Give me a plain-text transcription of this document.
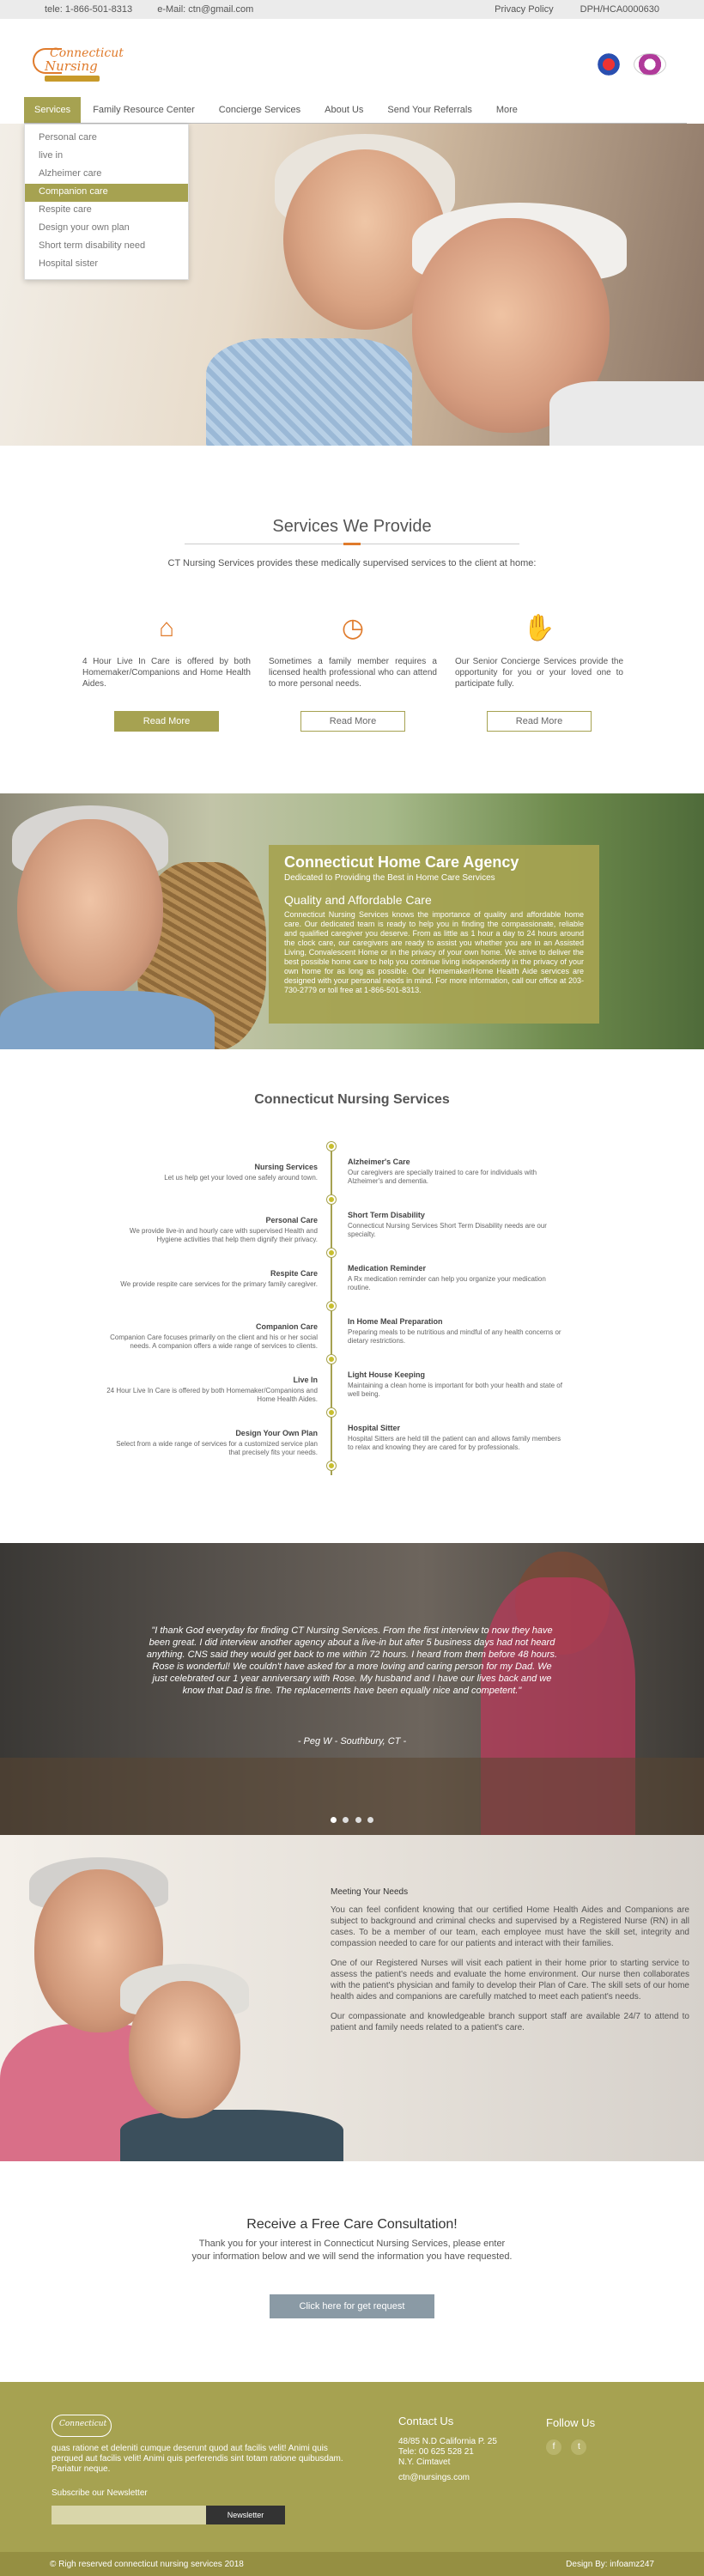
tele: 1-866-501-8313	e-Mail: ctn@gmail.com	Privacy Policy	DPH/HCA0000630
Connecticut
Nursing
Services	Family Resource Center	Concierge Services	About Us	Send Your Referrals	More
Personal care
live in
Alzheimer care
Companion care
Respite care
Design your own plan
Short term disability need
Hospital sister
Services We Provide
CT Nursing Services provides these medically supervised services to the client at home:
⌂
4 Hour Live In Care is offered by both Homemaker/Companions and Home Health Aides.
Read More
◷
Sometimes a family member requires a licensed health professional who can attend to more personal needs.
Read More
✋
Our Senior Concierge Services provide the opportunity for you or your loved one to participate fully.
Read More
Connecticut Home Care Agency
Dedicated to Providing the Best in Home Care Services
Quality and Affordable Care

Connecticut Nursing Services knows the importance of quality and affordable home care. Our dedicated team is ready to help you in finding the compassionate, reliable and qualified caregiver you deserve. From as little as 1 hour a day to 24 hours around the clock care, our caregivers are ready to assist you whether you are in an Assisted Living, Convalescent Home or in the privacy of your own home. We strive to deliver the best possible home care to help you continue living independently in the privacy of your own home for as long as possible. Our Homemaker/Home Health Aide services are designed with your personal needs in mind. For more information, call our office at 203-730-2779 or toll free at 1-866-501-8313.

Connecticut Nursing Services
Nursing Services
Let us help get your loved one safely around town.
Personal Care
We provide live-in and hourly care with supervised Health and Hygiene activities that help them dignify their privacy.
Respite Care
We provide respite care services for the primary family caregiver.
Companion Care
Companion Care focuses primarily on the client and his or her social needs. A companion offers a wide range of services to clients.
Live In
24 Hour Live In Care is offered by both Homemaker/Companions and Home Health Aides.
Design Your Own Plan
Select from a wide range of services for a customized service plan that precisely fits your needs.
Alzheimer's Care
Our caregivers are specially trained to care for individuals with Alzheimer's and dementia.
Short Term Disability
Connecticut Nursing Services Short Term Disability needs are our specialty.
Medication Reminder
A Rx medication reminder can help you organize your medication routine.
In Home Meal Preparation
Preparing meals to be nutritious and mindful of any health concerns or dietary restrictions.
Light House Keeping
Maintaining a clean home is important for both your health and state of well being.
Hospital Sitter
Hospital Sitters are held till the patient can and allows family members to relax and knowing they are cared for by professionals.
"I thank God everyday for finding CT Nursing Services. From the first interview to now they have been great. I did interview another agency about a live-in but after 5 business days had not heard anything. CNS said they would get back to me within 72 hours. I heard from them before 48 hours. Rose is wonderful! We couldn't have asked for a more loving and caring person for my Dad. We just celebrated our 1 year anniversary with Rose. My husband and I have our lives back and we know that Dad is fine. The replacements have been equally nice and competent."
- Peg W - Southbury, CT -

Meeting Your Needs

You can feel confident knowing that our certified Home Health Aides and Companions are subject to background and criminal checks and supervised by a Registered Nurse (RN) in all cases. To be a member of our team, each employee must have the skill set, integrity and compassion needed to care for our patients and interact with their families.

One of our Registered Nurses will visit each patient in their home prior to starting service to assess the patient's needs and evaluate the home environment. Our nurse then collaborates with the patient's physician and family to develop their Plan of Care. The skill sets of our home health aides and companions are carefully matched to meet each patient's needs.

Our compassionate and knowledgeable branch support staff are available 24/7 to attend to patient and family needs related to a patient's care.

Receive a Free Care Consultation!

Thank you for your interest in Connecticut Nursing Services, please enter
your information below and we will send the information you have requested.

Click here for get request
Connecticut
quas ratione et deleniti cumque deserunt quod aut facilis velit! Animi quis perqued aut facilis velit! Animi quis perferendis sint totam ratione quibusdam. Pariatur neque.
Subscribe our Newsletter
Newsletter
Contact Us
48/85 N.D California P. 25
Tele: 00 625 528 21
N.Y. Cimtavet
ctn@nursings.com
Follow Us
f	t
© Righ reserved connecticut nursing services 2018	Design By: infoamz247
